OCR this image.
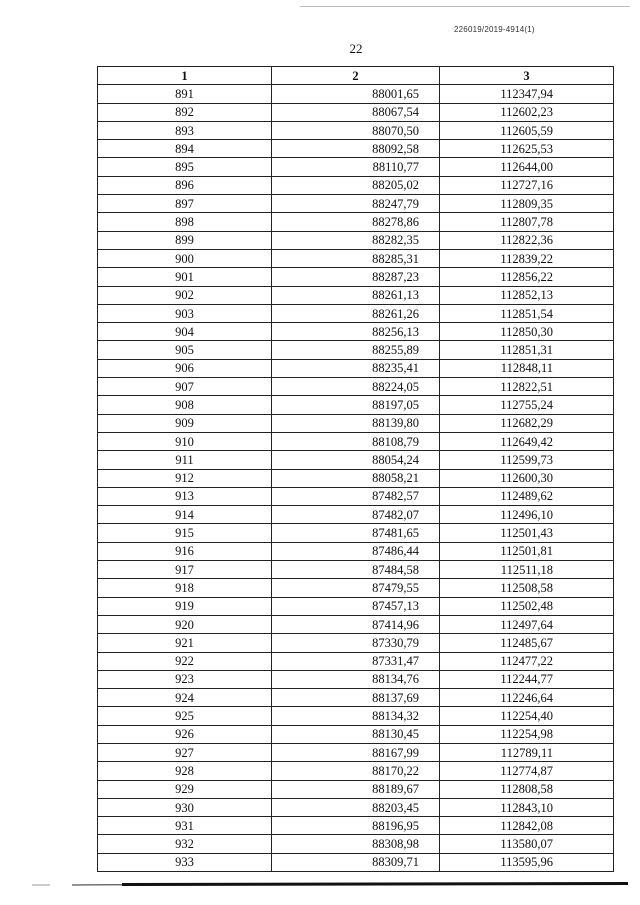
226019/2019-4914(1)
22
1	2	3
891	88001,65	112347,94
892	88067,54	112602,23
893	88070,50	112605,59
894	88092,58	112625,53
895	88110,77	112644,00
896	88205,02	112727,16
897	88247,79	112809,35
898	88278,86	112807,78
899	88282,35	112822,36
900	88285,31	112839,22
901	88287,23	112856,22
902	88261,13	112852,13
903	88261,26	112851,54
904	88256,13	112850,30
905	88255,89	112851,31
906	88235,41	112848,11
907	88224,05	112822,51
908	88197,05	112755,24
909	88139,80	112682,29
910	88108,79	112649,42
911	88054,24	112599,73
912	88058,21	112600,30
913	87482,57	112489,62
914	87482,07	112496,10
915	87481,65	112501,43
916	87486,44	112501,81
917	87484,58	112511,18
918	87479,55	112508,58
919	87457,13	112502,48
920	87414,96	112497,64
921	87330,79	112485,67
922	87331,47	112477,22
923	88134,76	112244,77
924	88137,69	112246,64
925	88134,32	112254,40
926	88130,45	112254,98
927	88167,99	112789,11
928	88170,22	112774,87
929	88189,67	112808,58
930	88203,45	112843,10
931	88196,95	112842,08
932	88308,98	113580,07
933	88309,71	113595,96
